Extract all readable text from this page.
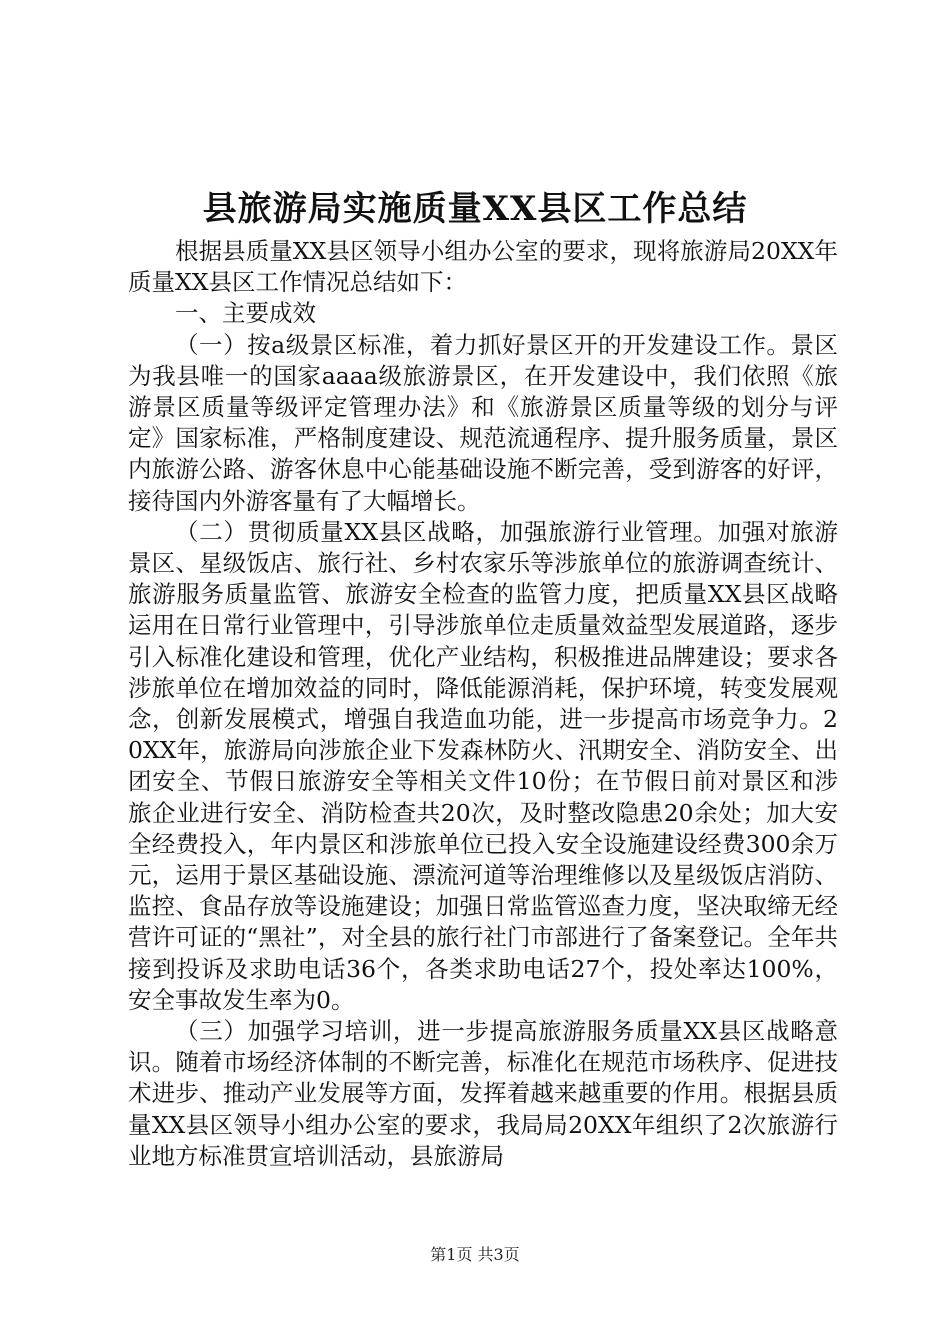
县旅游局实施质量XX县区工作总结

根据县质量XX县区领导小组办公室的要求，现将旅游局20XX年质量XX县区工作情况总结如下：

一、主要成效

（一）按a级景区标准，着力抓好景区开的开发建设工作。景区为我县唯一的国家aaaa级旅游景区，在开发建设中，我们依照《旅游景区质量等级评定管理办法》和《旅游景区质量等级的划分与评定》国家标准，严格制度建设、规范流通程序、提升服务质量，景区内旅游公路、游客休息中心能基础设施不断完善，受到游客的好评，接待国内外游客量有了大幅增长。

（二）贯彻质量XX县区战略，加强旅游行业管理。加强对旅游景区、星级饭店、旅行社、乡村农家乐等涉旅单位的旅游调查统计、旅游服务质量监管、旅游安全检查的监管力度，把质量XX县区战略运用在日常行业管理中，引导涉旅单位走质量效益型发展道路，逐步引入标准化建设和管理，优化产业结构，积极推进品牌建设；要求各涉旅单位在增加效益的同时，降低能源消耗，保护环境，转变发展观念，创新发展模式，增强自我造血功能，进一步提高市场竞争力。20XX年，旅游局向涉旅企业下发森林防火、汛期安全、消防安全、出团安全、节假日旅游安全等相关文件10份；在节假日前对景区和涉旅企业进行安全、消防检查共20次，及时整改隐患20余处；加大安全经费投入，年内景区和涉旅单位已投入安全设施建设经费300余万元，运用于景区基础设施、漂流河道等治理维修以及星级饭店消防、监控、食品存放等设施建设；加强日常监管巡查力度，坚决取缔无经营许可证的“黑社”，对全县的旅行社门市部进行了备案登记。全年共接到投诉及求助电话36个，各类求助电话27个，投处率达100%，安全事故发生率为0。

（三）加强学习培训，进一步提高旅游服务质量XX县区战略意识。随着市场经济体制的不断完善，标准化在规范市场秩序、促进技术进步、推动产业发展等方面，发挥着越来越重要的作用。根据县质量XX县区领导小组办公室的要求，我局局20XX年组织了2次旅游行业地方标准贯宣培训活动，县旅游局

第1页 共3页
